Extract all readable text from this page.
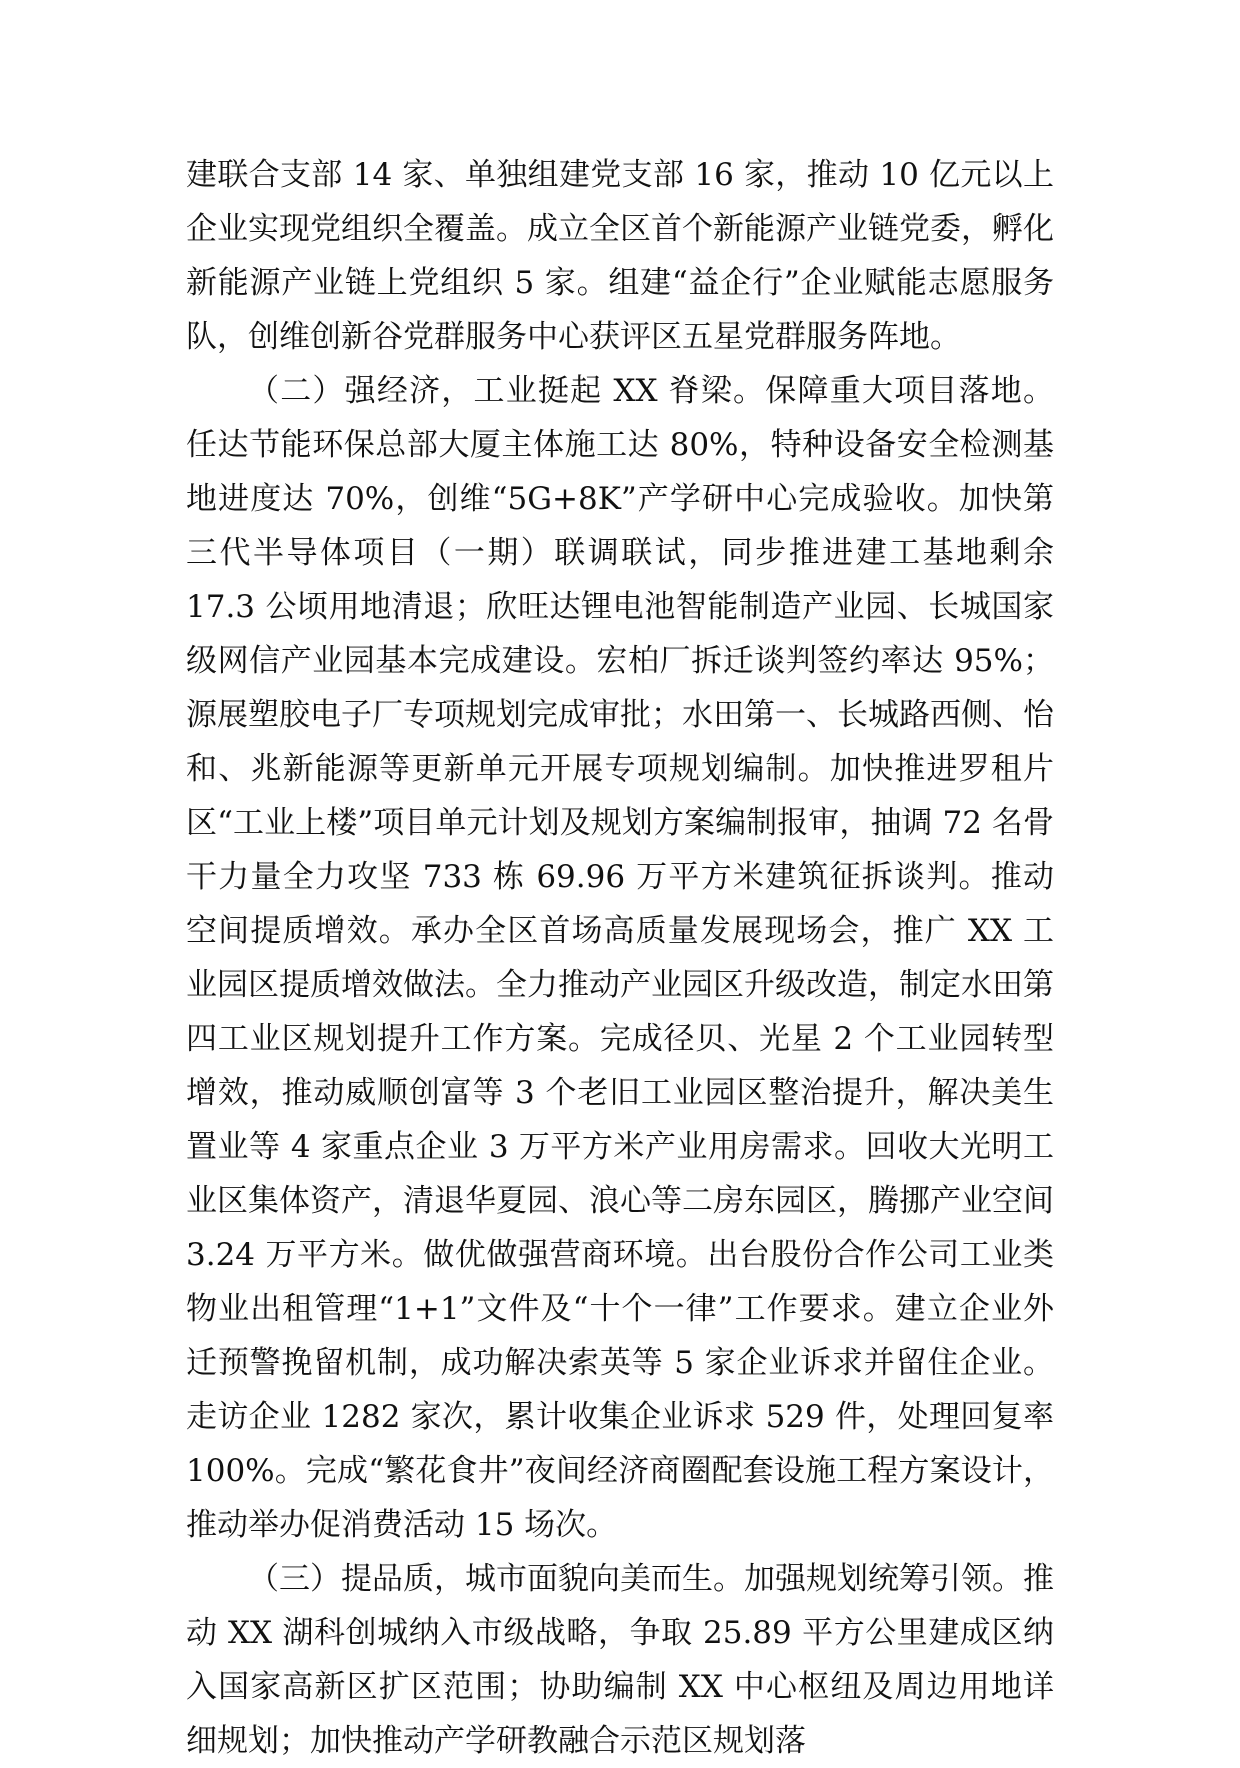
建联合支部 14 家、单独组建党支部 16 家，推动 10 亿元以上企业实现党组织全覆盖。成立全区首个新能源产业链党委，孵化新能源产业链上党组织 5 家。组建“益企行”企业赋能志愿服务队，创维创新谷党群服务中心获评区五星党群服务阵地。

（二）强经济，工业挺起 XX 脊梁。保障重大项目落地。任达节能环保总部大厦主体施工达 80%，特种设备安全检测基地进度达 70%，创维“5G+8K”产学研中心完成验收。加快第三代半导体项目（一期）联调联试，同步推进建工基地剩余 17.3 公顷用地清退；欣旺达锂电池智能制造产业园、长城国家级网信产业园基本完成建设。宏柏厂拆迁谈判签约率达 95%；源展塑胶电子厂专项规划完成审批；水田第一、长城路西侧、怡和、兆新能源等更新单元开展专项规划编制。加快推进罗租片区“工业上楼”项目单元计划及规划方案编制报审，抽调 72 名骨干力量全力攻坚 733 栋 69.96 万平方米建筑征拆谈判。推动空间提质增效。承办全区首场高质量发展现场会，推广 XX 工业园区提质增效做法。全力推动产业园区升级改造，制定水田第四工业区规划提升工作方案。完成径贝、光星 2 个工业园转型增效，推动威顺创富等 3 个老旧工业园区整治提升，解决美生置业等 4 家重点企业 3 万平方米产业用房需求。回收大光明工业区集体资产，清退华夏园、浪心等二房东园区，腾挪产业空间 3.24 万平方米。做优做强营商环境。出台股份合作公司工业类物业出租管理“1+1”文件及“十个一律”工作要求。建立企业外迁预警挽留机制，成功解决索英等 5 家企业诉求并留住企业。走访企业 1282 家次，累计收集企业诉求 529 件，处理回复率 100%。完成“繁花食井”夜间经济商圈配套设施工程方案设计，推动举办促消费活动 15 场次。

（三）提品质，城市面貌向美而生。加强规划统筹引领。推动 XX 湖科创城纳入市级战略，争取 25.89 平方公里建成区纳入国家高新区扩区范围；协助编制 XX 中心枢纽及周边用地详细规划；加快推动产学研教融合示范区规划落
